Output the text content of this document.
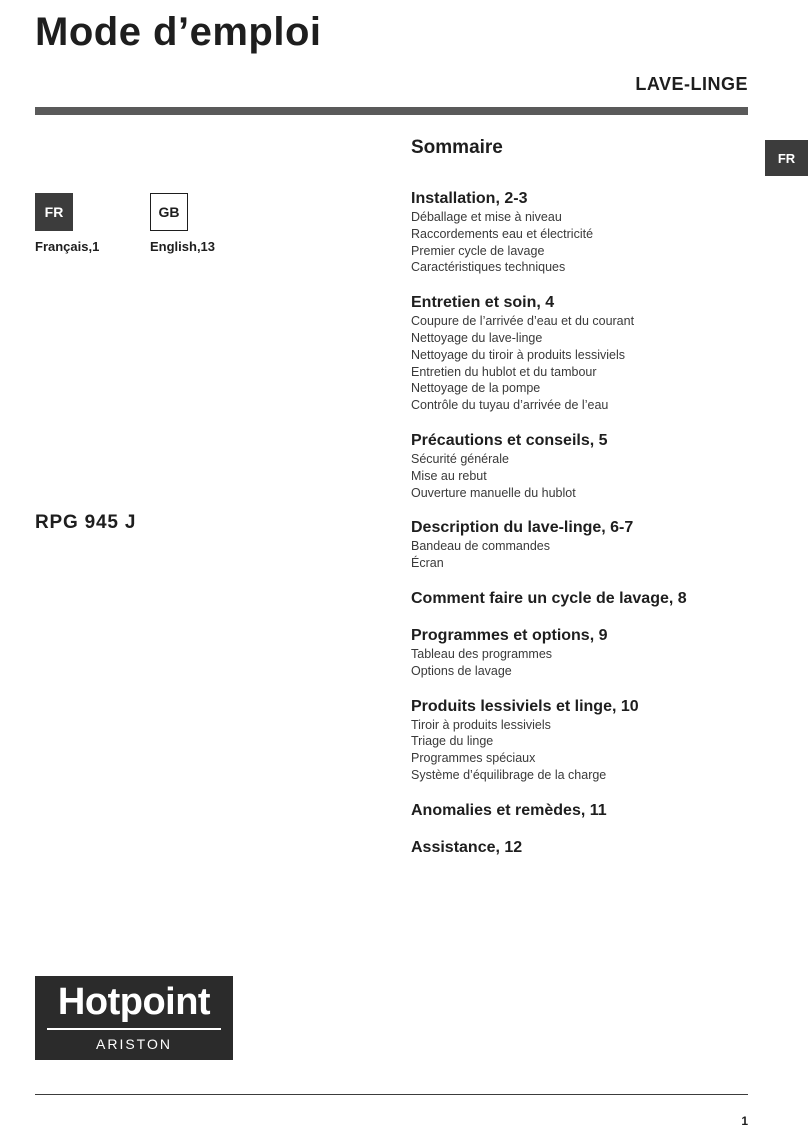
Mode d’emploi
LAVE-LINGE
FR
FR
Français,1
GB
English,13
RPG 945 J
Sommaire
Installation, 2-3
Déballage et mise à niveau
Raccordements eau et électricité
Premier cycle de lavage
Caractéristiques techniques
Entretien et soin, 4
Coupure de l’arrivée d’eau et du courant
Nettoyage du lave-linge
Nettoyage du tiroir à produits lessiviels
Entretien du hublot et du tambour
Nettoyage de la pompe
Contrôle du tuyau d’arrivée de l’eau
Précautions et conseils, 5
Sécurité générale
Mise au rebut
Ouverture manuelle du hublot
Description du lave-linge, 6-7
Bandeau de commandes
Écran
Comment faire un cycle de lavage, 8
Programmes et options, 9
Tableau des programmes
Options de lavage
Produits lessiviels et linge, 10
Tiroir à produits lessiviels
Triage du linge
Programmes spéciaux
Système d’équilibrage de la charge
Anomalies et remèdes, 11
Assistance, 12
Hotpoint
ARISTON
1
